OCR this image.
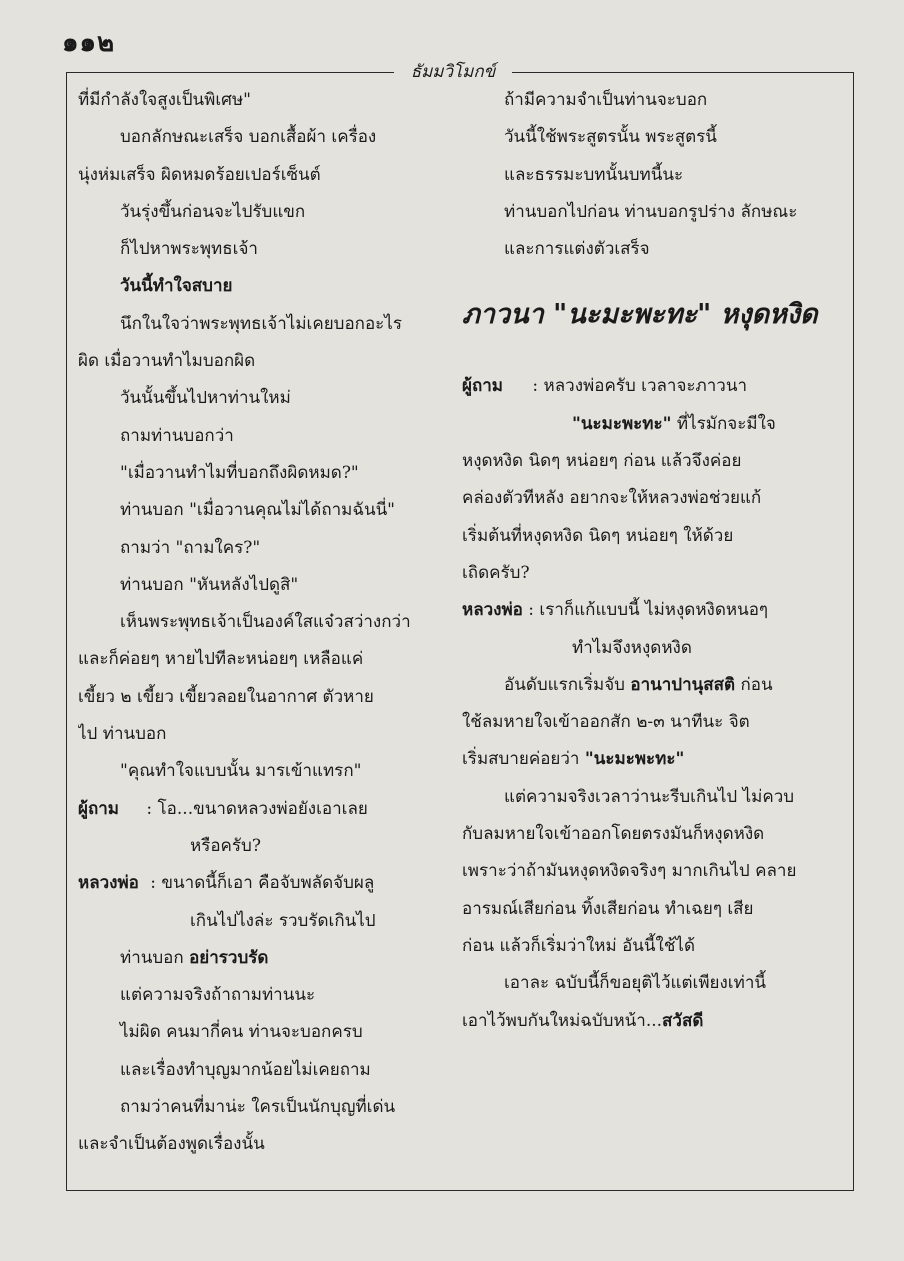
๑๑๒
ธัมมวิโมกข์
ที่มีกำลังใจสูงเป็นพิเศษ"
บอกลักษณะเสร็จ บอกเสื้อผ้า เครื่อง
นุ่งห่มเสร็จ ผิดหมดร้อยเปอร์เซ็นต์
วันรุ่งขึ้นก่อนจะไปรับแขก
ก็ไปหาพระพุทธเจ้า
วันนี้ทำใจสบาย
นึกในใจว่าพระพุทธเจ้าไม่เคยบอกอะไร
ผิด เมื่อวานทำไมบอกผิด
วันนั้นขึ้นไปหาท่านใหม่
ถามท่านบอกว่า
"เมื่อวานทำไมที่บอกถึงผิดหมด?"
ท่านบอก "เมื่อวานคุณไม่ได้ถามฉันนี่"
ถามว่า "ถามใคร?"
ท่านบอก "หันหลังไปดูสิ"
เห็นพระพุทธเจ้าเป็นองค์ใสแจ๋วสว่างกว่า
และก็ค่อยๆ หายไปทีละหน่อยๆ เหลือแค่
เขี้ยว ๒ เขี้ยว เขี้ยวลอยในอากาศ ตัวหาย
ไป ท่านบอก
"คุณทำใจแบบนั้น มารเข้าแทรก"
ผู้ถาม : โอ...ขนาดหลวงพ่อยังเอาเลย
หรือครับ?
หลวงพ่อ : ขนาดนี้ก็เอา คือจับพลัดจับผลู
เกินไปไงล่ะ รวบรัดเกินไป
ท่านบอก อย่ารวบรัด
แต่ความจริงถ้าถามท่านนะ
ไม่ผิด คนมากี่คน ท่านจะบอกครบ
และเรื่องทำบุญมากน้อยไม่เคยถาม
ถามว่าคนที่มาน่ะ ใครเป็นนักบุญที่เด่น
และจำเป็นต้องพูดเรื่องนั้น
ถ้ามีความจำเป็นท่านจะบอก
วันนี้ใช้พระสูตรนั้น พระสูตรนี้
และธรรมะบทนั้นบทนี้นะ
ท่านบอกไปก่อน ท่านบอกรูปร่าง ลักษณะ
และการแต่งตัวเสร็จ
ภาวนา "นะมะพะทะ" หงุดหงิด
ผู้ถาม : หลวงพ่อครับ เวลาจะภาวนา
"นะมะพะทะ" ที่ไรมักจะมีใจ
หงุดหงิด นิดๆ หน่อยๆ ก่อน แล้วจึงค่อย
คล่องตัวทีหลัง อยากจะให้หลวงพ่อช่วยแก้
เริ่มต้นที่หงุดหงิด นิดๆ หน่อยๆ ให้ด้วย
เถิดครับ?
หลวงพ่อ : เราก็แก้แบบนี้ ไม่หงุดหงิดหนอๆ
ทำไมจึงหงุดหงิด
อันดับแรกเริ่มจับ อานาปานุสสติ ก่อน
ใช้ลมหายใจเข้าออกสัก ๒-๓ นาทีนะ จิต
เริ่มสบายค่อยว่า "นะมะพะทะ"
แต่ความจริงเวลาว่านะรีบเกินไป ไม่ควบ
กับลมหายใจเข้าออกโดยตรงมันก็หงุดหงิด
เพราะว่าถ้ามันหงุดหงิดจริงๆ มากเกินไป คลาย
อารมณ์เสียก่อน ทิ้งเสียก่อน ทำเฉยๆ เสีย
ก่อน แล้วก็เริ่มว่าใหม่ อันนี้ใช้ได้
เอาละ ฉบับนี้ก็ขอยุติไว้แต่เพียงเท่านี้
เอาไว้พบกันใหม่ฉบับหน้า...สวัสดี
